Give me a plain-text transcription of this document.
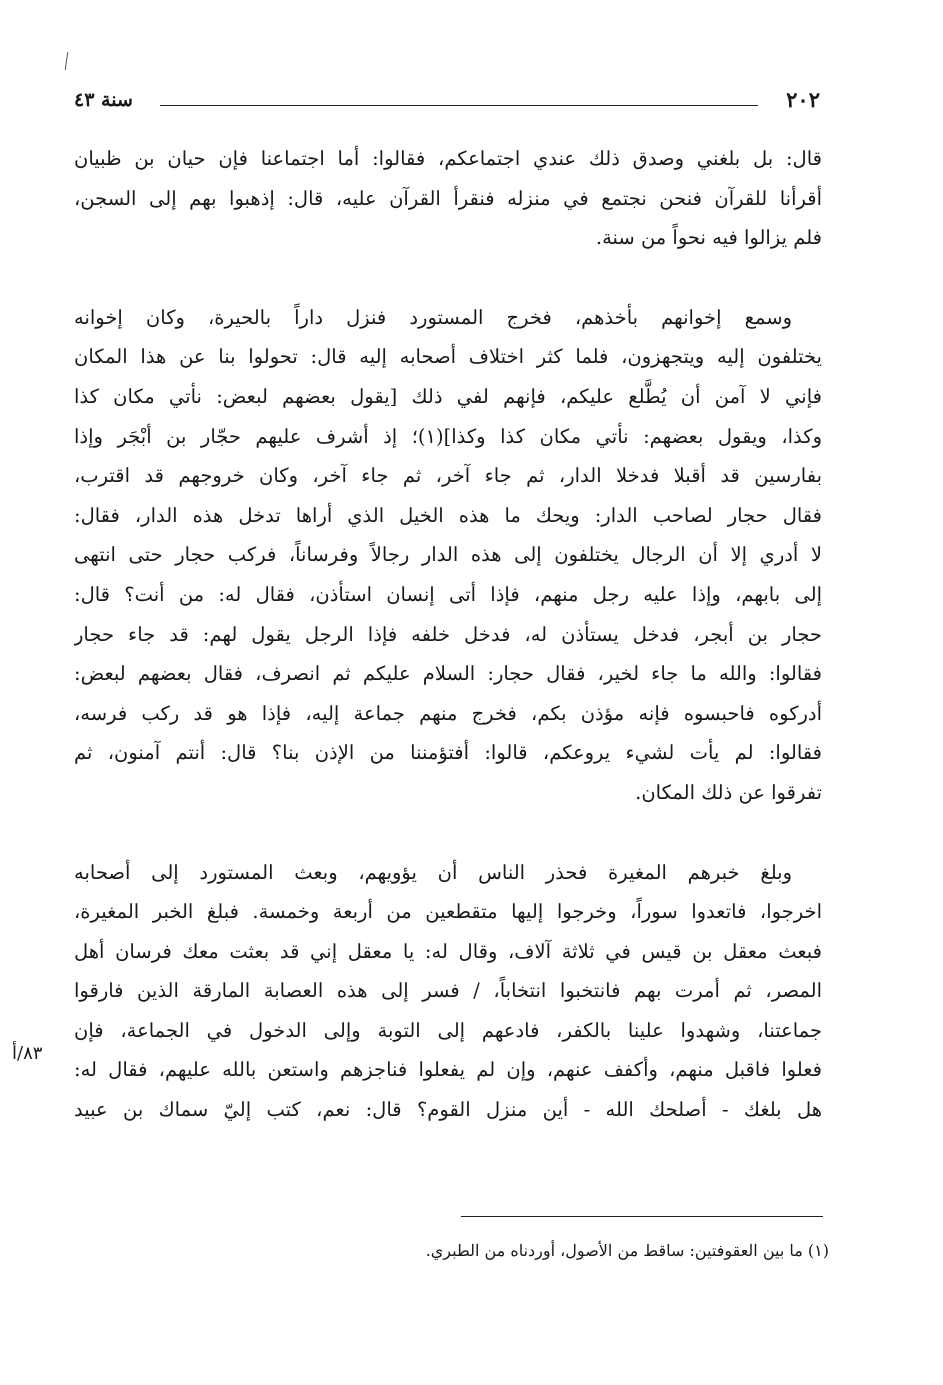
٢٠٢
سنة ٤٣

قال: بل بلغني وصدق ذلك عندي اجتماعكم، فقالوا: أما اجتماعنا فإن حيان بن ظبيان
أقرأنا للقرآن فنحن نجتمع في منزله فنقرأ القرآن عليه، قال: إذهبوا بهم إلى السجن،
فلم يزالوا فيه نحواً من سنة.

وسمع إخوانهم بأخذهم، فخرج المستورد فنزل داراً بالحيرة، وكان إخوانه
يختلفون إليه ويتجهزون، فلما كثر اختلاف أصحابه إليه قال: تحولوا بنا عن هذا المكان
فإني لا آمن أن يُطَّلع عليكم، فإنهم لفي ذلك [يقول بعضهم لبعض: نأتي مكان كذا
وكذا، ويقول بعضهم: نأتي مكان كذا وكذا](١)؛ إذ أشرف عليهم حجّار بن أبْجَر وإذا
بفارسين قد أقبلا فدخلا الدار، ثم جاء آخر، ثم جاء آخر، وكان خروجهم قد اقترب،
فقال حجار لصاحب الدار: ويحك ما هذه الخيل الذي أراها تدخل هذه الدار، فقال:
لا أدري إلا أن الرجال يختلفون إلى هذه الدار رجالاً وفرساناً، فركب حجار حتى انتهى
إلى بابهم، وإذا عليه رجل منهم، فإذا أتى إنسان استأذن، فقال له: من أنت؟ قال:
حجار بن أبجر، فدخل يستأذن له، فدخل خلفه فإذا الرجل يقول لهم: قد جاء حجار
فقالوا: والله ما جاء لخير، فقال حجار: السلام عليكم ثم انصرف، فقال بعضهم لبعض:
أدركوه فاحبسوه فإنه مؤذن بكم، فخرج منهم جماعة إليه، فإذا هو قد ركب فرسه،
فقالوا: لم يأت لشيء يروعكم، قالوا: أفتؤمننا من الإذن بنا؟ قال: أنتم آمنون، ثم
تفرقوا عن ذلك المكان.

وبلغ خبرهم المغيرة فحذر الناس أن يؤويهم، وبعث المستورد إلى أصحابه
اخرجوا، فاتعدوا سوراً، وخرجوا إليها متقطعين من أربعة وخمسة. فبلغ الخبر المغيرة،
فبعث معقل بن قيس في ثلاثة آلاف، وقال له: يا معقل إني قد بعثت معك فرسان أهل
المصر، ثم أمرت بهم فانتخبوا انتخاباً، / فسر إلى هذه العصابة المارقة الذين فارقوا
جماعتنا، وشهدوا علينا بالكفر، فادعهم إلى التوبة وإلى الدخول في الجماعة، فإن
فعلوا فاقبل منهم، وأكفف عنهم، وإن لم يفعلوا فناجزهم واستعن بالله عليهم، فقال له:
هل بلغك - أصلحك الله - أين منزل القوم؟ قال: نعم، كتب إليّ سماك بن عبيد

٨٣/أ
(١) ما بين العقوفتين: ساقط من الأصول، أوردناه من الطبري.
